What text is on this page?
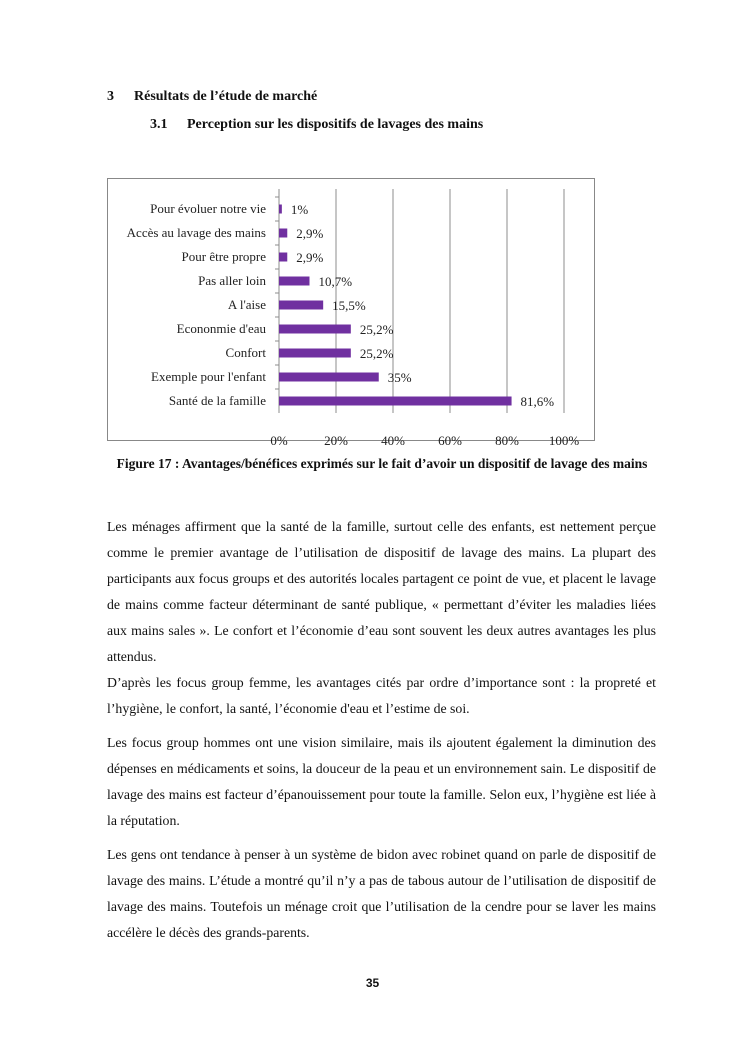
3 Résultats de l’étude de marché
3.1 Perception sur les dispositifs de lavages des mains
0%	20%	40%	60%	80% 100%
Pour évoluer notre vie 1%
Accès au lavage des mains 2,9%
Pour être propre 2,9%
Pas aller loin	10,7%
A l'aise	15,5%
Econonmie d'eau	25,2%
Confort	25,2%
Exemple pour l'enfant	35%
Santé de la famille	81,6%
Figure 17 : Avantages/bénéfices exprimés sur le fait d’avoir un dispositif de lavage des mains

Les ménages affirment que la santé de la famille, surtout celle des enfants, est nettement perçue comme le premier avantage de l’utilisation de dispositif de lavage des mains. La plupart des participants aux focus groups et des autorités locales partagent ce point de vue, et placent le lavage de mains comme facteur déterminant de santé publique, « permettant d’éviter les maladies liées aux mains sales ». Le confort et l’économie d’eau sont souvent les deux autres avantages les plus attendus.

D’après les focus group femme, les avantages cités par ordre d’importance sont : la propreté et l’hygiène, le confort, la santé, l’économie d'eau et l’estime de soi.

Les focus group hommes ont une vision similaire, mais ils ajoutent également la diminution des dépenses en médicaments et soins, la douceur de la peau et un environnement sain. Le dispositif de lavage des mains est facteur d’épanouissement pour toute la famille. Selon eux, l’hygiène est liée à la réputation.

Les gens ont tendance à penser à un système de bidon avec robinet quand on parle de dispositif de lavage des mains. L’étude a montré qu’il n’y a pas de tabous autour de l’utilisation de dispositif de lavage des mains. Toutefois un ménage croit que l’utilisation de la cendre pour se laver les mains accélère le décès des grands-parents.

35
